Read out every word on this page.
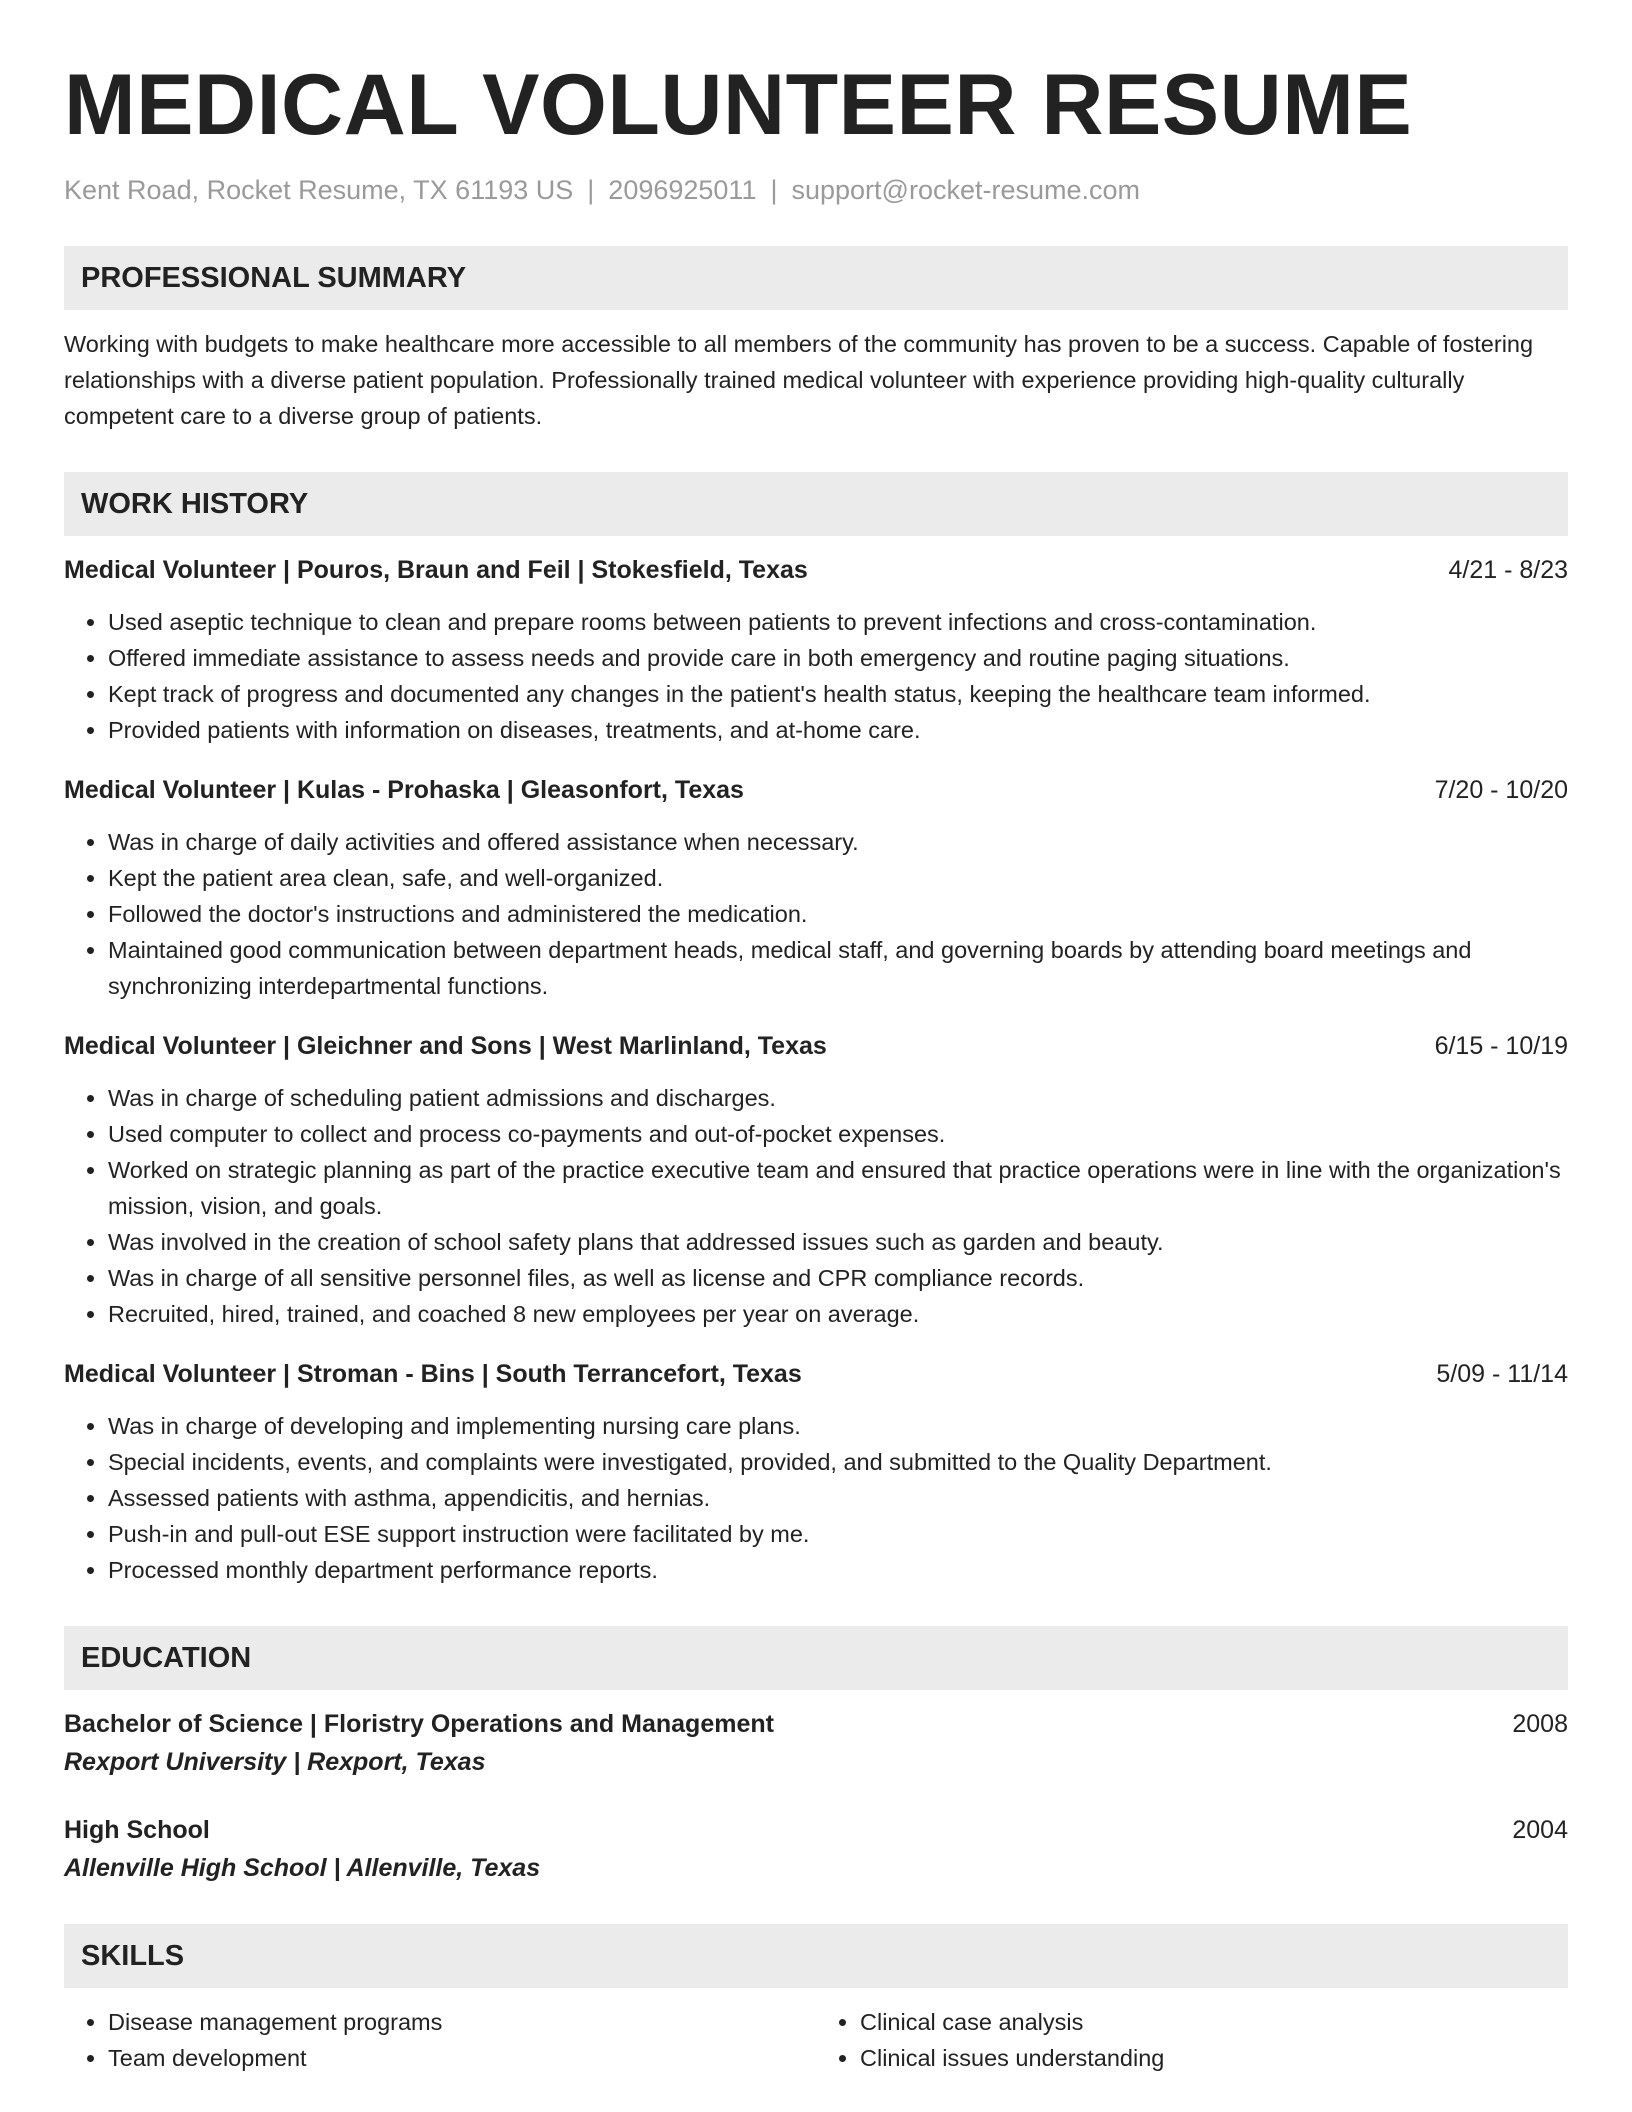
MEDICAL VOLUNTEER RESUME
Kent Road, Rocket Resume, TX 61193 US | 2096925011 | support@rocket-resume.com
PROFESSIONAL SUMMARY
Working with budgets to make healthcare more accessible to all members of the community has proven to be a success. Capable of fostering relationships with a diverse patient population. Professionally trained medical volunteer with experience providing high-quality culturally competent care to a diverse group of patients.
WORK HISTORY
Medical Volunteer | Pouros, Braun and Feil | Stokesfield, Texas	4/21 - 8/23
• Used aseptic technique to clean and prepare rooms between patients to prevent infections and cross-contamination.
• Offered immediate assistance to assess needs and provide care in both emergency and routine paging situations.
• Kept track of progress and documented any changes in the patient's health status, keeping the healthcare team informed.
• Provided patients with information on diseases, treatments, and at-home care.
Medical Volunteer | Kulas - Prohaska | Gleasonfort, Texas	7/20 - 10/20
• Was in charge of daily activities and offered assistance when necessary.
• Kept the patient area clean, safe, and well-organized.
• Followed the doctor's instructions and administered the medication.
• Maintained good communication between department heads, medical staff, and governing boards by attending board meetings and synchronizing interdepartmental functions.
Medical Volunteer | Gleichner and Sons | West Marlinland, Texas	6/15 - 10/19
• Was in charge of scheduling patient admissions and discharges.
• Used computer to collect and process co-payments and out-of-pocket expenses.
• Worked on strategic planning as part of the practice executive team and ensured that practice operations were in line with the organization's mission, vision, and goals.
• Was involved in the creation of school safety plans that addressed issues such as garden and beauty.
• Was in charge of all sensitive personnel files, as well as license and CPR compliance records.
• Recruited, hired, trained, and coached 8 new employees per year on average.
Medical Volunteer | Stroman - Bins | South Terrancefort, Texas	5/09 - 11/14
• Was in charge of developing and implementing nursing care plans.
• Special incidents, events, and complaints were investigated, provided, and submitted to the Quality Department.
• Assessed patients with asthma, appendicitis, and hernias.
• Push-in and pull-out ESE support instruction were facilitated by me.
• Processed monthly department performance reports.
EDUCATION
Bachelor of Science | Floristry Operations and Management	2008
Rexport University | Rexport, Texas
High School	2004
Allenville High School | Allenville, Texas
SKILLS
• Disease management programs
• Team development
• Clinical case analysis
• Clinical issues understanding
